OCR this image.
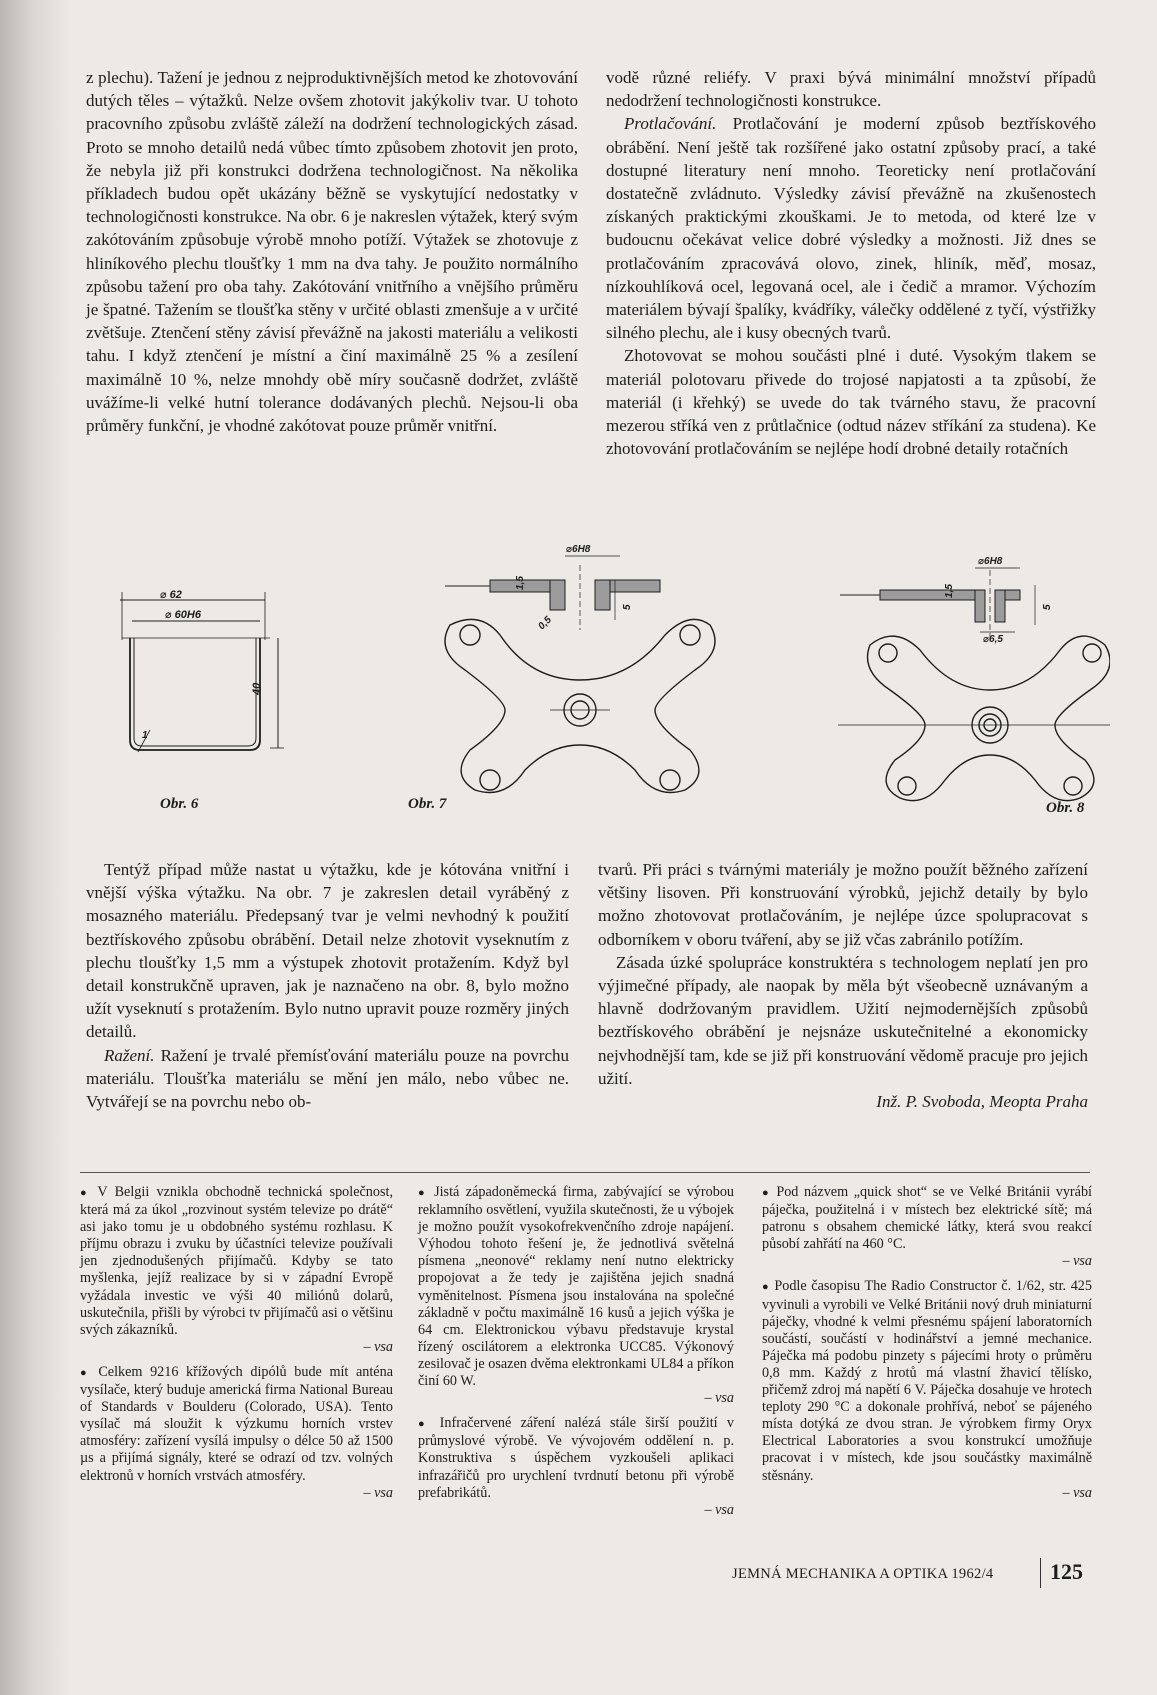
z plechu). Tažení je jednou z nejproduktivnějších metod ke zhotovování dutých těles – výtažků. Nelze ovšem zhotovit jakýkoliv tvar. U tohoto pracovního způsobu zvláště záleží na dodržení technologických zásad. Proto se mnoho detailů nedá vůbec tímto způsobem zhotovit jen proto, že nebyla již při konstrukci dodržena technologičnost. Na několika příkladech budou opět ukázány běžně se vyskytující nedostatky v technologičnosti konstrukce. Na obr. 6 je nakreslen výtažek, který svým zakótováním způsobuje výrobě mnoho potíží. Výtažek se zhotovuje z hliníkového plechu tloušťky 1 mm na dva tahy. Je použito normálního způsobu tažení pro oba tahy. Zakótování vnitřního a vnějšího průměru je špatné. Tažením se tloušťka stěny v určité oblasti zmenšuje a v určité zvětšuje. Ztenčení stěny závisí převážně na jakosti materiálu a velikosti tahu. I když ztenčení je místní a činí maximálně 25 % a zesílení maximálně 10 %, nelze mnohdy obě míry současně dodržet, zvláště uvážíme-li velké hutní tolerance dodávaných plechů. Nejsou-li oba průměry funkční, je vhodné zakótovat pouze průměr vnitřní.

vodě různé reliéfy. V praxi bývá minimální množství případů nedodržení technologičnosti konstrukce.

Protlačování. Protlačování je moderní způsob beztřískového obrábění. Není ještě tak rozšířené jako ostatní způsoby prací, a také dostupné literatury není mnoho. Teoreticky není protlačování dostatečně zvládnuto. Výsledky závisí převážně na zkušenostech získaných praktickými zkouškami. Je to metoda, od které lze v budoucnu očekávat velice dobré výsledky a možnosti. Již dnes se protlačováním zpracovává olovo, zinek, hliník, měď, mosaz, nízkouhlíková ocel, legovaná ocel, ale i čedič a mramor. Výchozím materiálem bývají špalíky, kvádříky, válečky oddělené z tyčí, výstřižky silného plechu, ale i kusy obecných tvarů.

Zhotovovat se mohou součásti plné i duté. Vysokým tlakem se materiál polotovaru přivede do trojosé napjatosti a ta způsobí, že materiál (i křehký) se uvede do tak tvárného stavu, že pracovní mezerou stříká ven z průtlačnice (odtud název stříkání za studena). Ke zhotovování protlačováním se nejlépe hodí drobné detaily rotačních

⌀ 62
⌀ 60H6
40
1
⌀6H8
1,5
0,5
5
⌀6H8
1,5
5
⌀6,5
Obr. 6	Obr. 7	Obr. 8

Tentýž případ může nastat u výtažku, kde je kótována vnitřní i vnější výška výtažku. Na obr. 7 je zakreslen detail vyráběný z mosazného materiálu. Předepsaný tvar je velmi nevhodný k použití beztřískového způsobu obrábění. Detail nelze zhotovit vyseknutím z plechu tloušťky 1,5 mm a výstupek zhotovit protažením. Když byl detail konstrukčně upraven, jak je naznačeno na obr. 8, bylo možno užít vyseknutí s protažením. Bylo nutno upravit pouze rozměry jiných detailů.

Ražení. Ražení je trvalé přemísťování materiálu pouze na povrchu materiálu. Tloušťka materiálu se mění jen málo, nebo vůbec ne. Vytvářejí se na povrchu nebo ob-

tvarů. Při práci s tvárnými materiály je možno použít běžného zařízení většiny lisoven. Při konstruování výrobků, jejichž detaily by bylo možno zhotovovat protlačováním, je nejlépe úzce spolupracovat s odborníkem v oboru tváření, aby se již včas zabránilo potížím.

Zásada úzké spolupráce konstruktéra s technologem neplatí jen pro výjimečné případy, ale naopak by měla být všeobecně uznávaným a hlavně dodržovaným pravidlem. Užití nejmodernějších způsobů beztřískového obrábění je nejsnáze uskutečnitelné a ekonomicky nejvhodnější tam, kde se již při konstruování vědomě pracuje pro jejich užití.

Inž. P. Svoboda, Meopta Praha

● V Belgii vznikla obchodně technická společnost, která má za úkol „rozvinout systém televize po drátě“ asi jako tomu je u obdobného systému rozhlasu. K příjmu obrazu i zvuku by účastníci televize používali jen zjednodušených přijímačů. Kdyby se tato myšlenka, jejíž realizace by si v západní Evropě vyžádala investic ve výši 40 miliónů dolarů, uskutečnila, přišli by výrobci tv přijímačů asi o většinu svých zákazníků.
– vsa

● Celkem 9216 křížových dipólů bude mít anténa vysílače, který buduje americká firma National Bureau of Standards v Boulderu (Colorado, USA). Tento vysílač má sloužit k výzkumu horních vrstev atmosféry: zařízení vysílá impulsy o délce 50 až 1500 µs a přijímá signály, které se odrazí od tzv. volných elektronů v horních vrstvách atmosféry.
– vsa

● Jistá západoněmecká firma, zabývající se výrobou reklamního osvětlení, využila skutečnosti, že u výbojek je možno použít vysokofrekvenčního zdroje napájení. Výhodou tohoto řešení je, že jednotlivá světelná písmena „neonové“ reklamy není nutno elektricky propojovat a že tedy je zajištěna jejich snadná vyměnitelnost. Písmena jsou instalována na společné základně v počtu maximálně 16 kusů a jejich výška je 64 cm. Elektronickou výbavu představuje krystal řízený oscilátorem a elektronka UCC85. Výkonový zesilovač je osazen dvěma elektronkami UL84 a příkon činí 60 W.
– vsa

● Infračervené záření nalézá stále širší použití v průmyslové výrobě. Ve vývojovém oddělení n. p. Konstruktiva s úspěchem vyzkoušeli aplikaci infrazářičů pro urychlení tvrdnutí betonu při výrobě prefabrikátů.
– vsa

● Pod názvem „quick shot“ se ve Velké Británii vyrábí páječka, použitelná i v místech bez elektrické sítě; má patronu s obsahem chemické látky, která svou reakcí působí zahřátí na 460 °C.
– vsa

● Podle časopisu The Radio Constructor č. 1/62, str. 425 vyvinuli a vyrobili ve Velké Británii nový druh miniaturní páječky, vhodné k velmi přesnému spájení laboratorních součástí, součástí v hodinářství a jemné mechanice. Páječka má podobu pinzety s pájecími hroty o průměru 0,8 mm. Každý z hrotů má vlastní žhavicí tělísko, přičemž zdroj má napětí 6 V. Páječka dosahuje ve hrotech teploty 290 °C a dokonale prohřívá, neboť se pájeného místa dotýká ze dvou stran. Je výrobkem firmy Oryx Electrical Laboratories a svou konstrukcí umožňuje pracovat i v místech, kde jsou součástky maximálně stěsnány.
– vsa

JEMNÁ MECHANIKA A OPTIKA 1962/4	125
